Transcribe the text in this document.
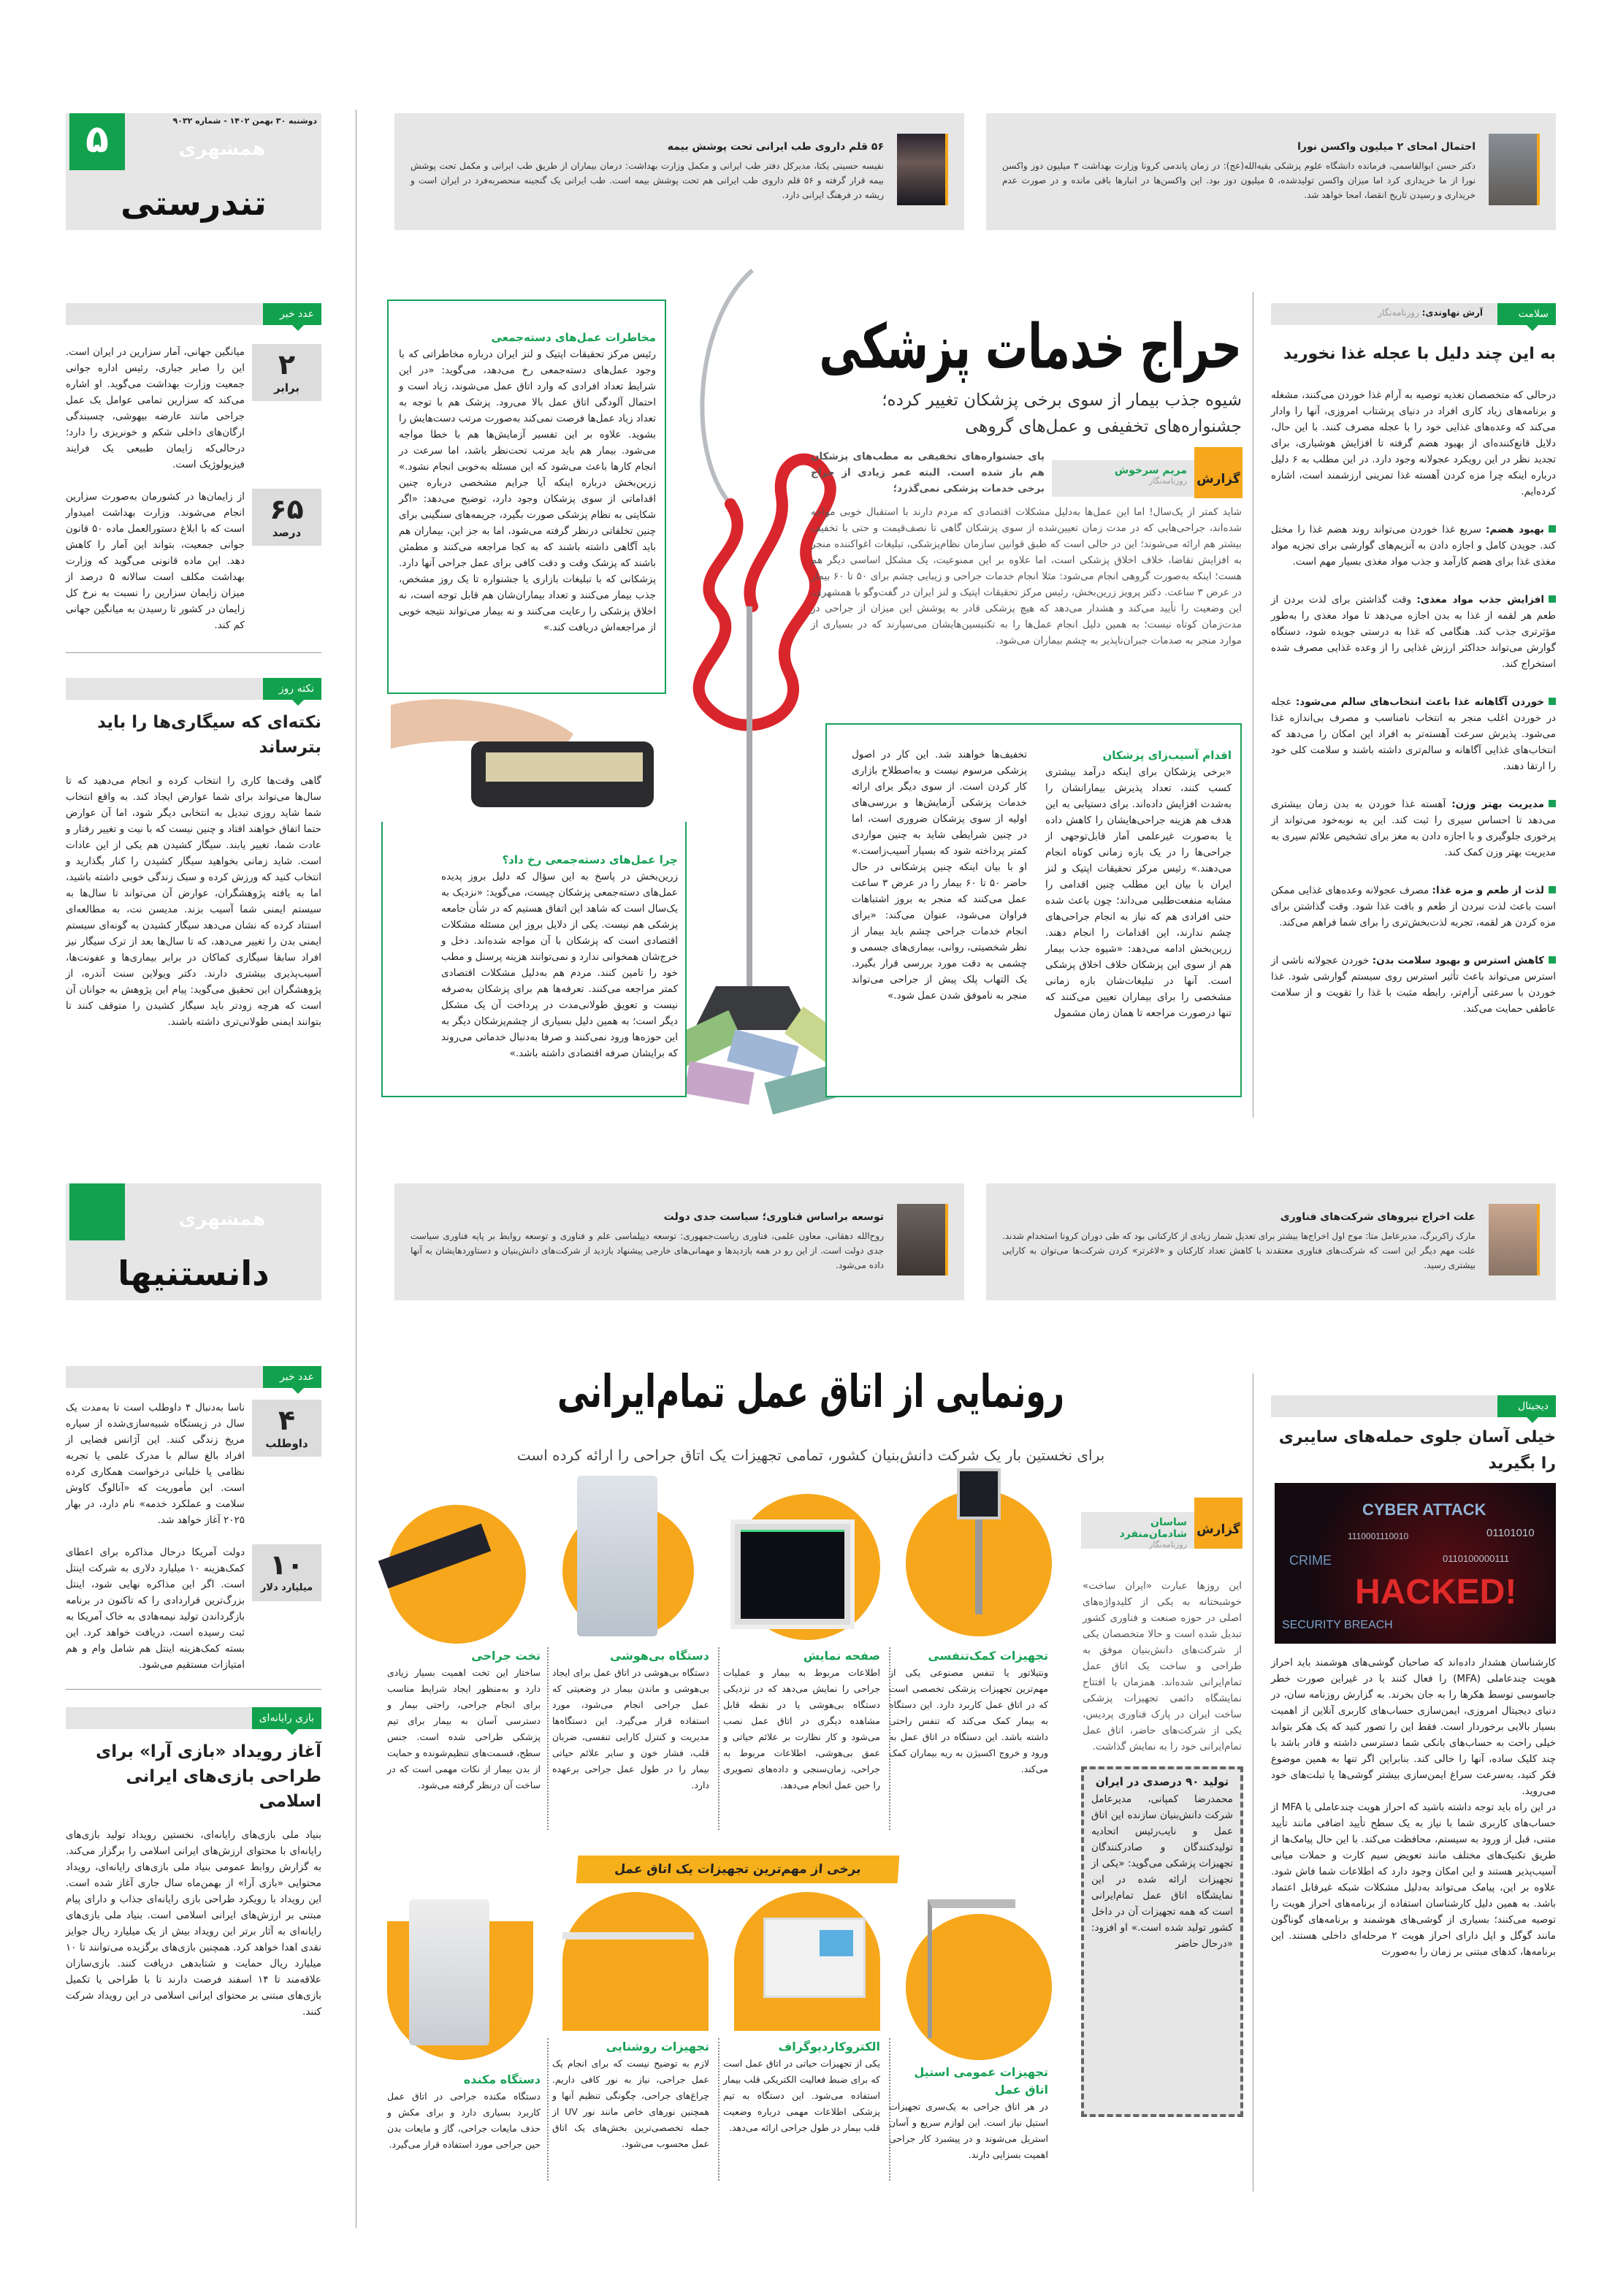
۵	دوشنبه ۳۰ بهمن ۱۴۰۲ - شماره ۹۰۳۲
همشهری
تندرستی
۵۶ قلم داروی طب ایرانی تحت پوشش بیمه
نفیسه حسینی یکتا، مدیرکل دفتر طب ایرانی و مکمل وزارت بهداشت: درمان بیماران از طریق طب ایرانی و مکمل تحت پوشش بیمه قرار گرفته و ۵۶ قلم داروی طب ایرانی هم تحت پوشش بیمه است. طب ایرانی یک گنجینه منحصربه‌فرد در ایران است و ریشه در فرهنگ ایرانی دارد.
احتمال امحای ۲ میلیون واکسن نورا
دکتر حسن ابوالقاسمی، فرمانده دانشگاه علوم پزشکی بقیه‌الله(عج): در زمان پاندمی کرونا وزارت بهداشت ۳ میلیون دوز واکسن نورا از ما خریداری کرد اما میزان واکسن تولیدشده، ۵ میلیون دوز بود. این واکسن‌ها در انبارها باقی مانده و در صورت عدم خریداری و رسیدن تاریخ انقضا، امحا خواهد شد.
عدد خبر
۲
برابر
میانگین جهانی، آمار سزارین در ایران است. این را صابر جباری، رئیس اداره جوانی جمعیت وزارت بهداشت می‌گوید. او اشاره می‌کند که سزارین تمامی عوامل یک عمل جراحی مانند عارضه بیهوشی، چسبندگی ارگان‌های داخلی شکم و خونریزی را دارد؛ درحالی‌که زایمان طبیعی یک فرایند فیزیولوژیک است.
۶۵
درصد
از زایمان‌ها در کشورمان به‌صورت سزارین انجام می‌شوند. وزارت بهداشت امیدوار است که با ابلاغ دستورالعمل ماده ۵۰ قانون جوانی جمعیت، بتواند این آمار را کاهش دهد. این ماده قانونی می‌گوید که وزارت بهداشت مکلف است سالانه ۵ درصد از میزان زایمان سزارین را نسبت به نرخ کل زایمان در کشور تا رسیدن به میانگین جهانی کم کند.
نکته روز
نکته‌ای که سیگاری‌ها را باید بترساند
گاهی وقت‌ها کاری را انتخاب کرده و انجام می‌دهید که تا سال‌ها می‌تواند برای شما عوارض ایجاد کند. به واقع انتخاب شما شاید روزی تبدیل به انتخابی دیگر شود، اما آن عوارض حتما اتفاق خواهند افتاد و چنین نیست که با نیت و تغییر رفتار و عادت شما، تغییر یابند. سیگار کشیدن هم یکی از این عادات است. شاید زمانی بخواهید سیگار کشیدن را کنار بگذارید و انتخاب کنید که ورزش کرده و سبک زندگی خوبی داشته باشید، اما به یافته پژوهشگران، عوارض آن می‌تواند تا سال‌ها به سیستم ایمنی شما آسیب بزند. مدیسن نت، به مطالعه‌ای استناد کرده که نشان می‌دهد سیگار کشیدن به گونه‌ای سیستم ایمنی بدن را تغییر می‌دهد، که تا سال‌ها بعد از ترک سیگار نیز افراد سابقا سیگاری کماکان در برابر بیماری‌ها و عفونت‌ها، آسیب‌پذیری بیشتری دارند. دکتر ویولاین سنت آندره، از پژوهشگران این تحقیق می‌گوید: پیام این پژوهش به جوانان آن است که هرچه زودتر باید سیگار کشیدن را متوقف کنند تا بتوانند ایمنی طولانی‌تری داشته باشند.
مخاطرات عمل‌های دسته‌جمعی
رئیس مرکز تحقیقات اپتیک و لنز ایران درباره مخاطراتی که با وجود عمل‌های دسته‌جمعی رخ می‌دهد، می‌گوید: «در این شرایط تعداد افرادی که وارد اتاق عمل می‌شوند، زیاد است و احتمال آلودگی اتاق عمل بالا می‌رود. پزشک هم با توجه به تعداد زیاد عمل‌ها فرصت نمی‌کند به‌صورت مرتب دست‌هایش را بشوید. علاوه بر این تفسیر آزمایش‌ها هم با خطا مواجه می‌شود. بیمار هم باید مرتب تحت‌نظر باشد، اما سرعت در انجام کارها باعث می‌شود که این مسئله به‌خوبی انجام نشود.» زرین‌بخش درباره اینکه آیا جرایم مشخصی درباره چنین اقداماتی از سوی پزشکان وجود دارد، توضیح می‌دهد: «اگر شکایتی به نظام پزشکی صورت بگیرد، جریمه‌های سنگینی برای چنین تخلفاتی درنظر گرفته می‌شود، اما به جز این، بیماران هم باید آگاهی داشته باشند که به کجا مراجعه می‌کنند و مطمئن باشند که پزشک وقت و دقت کافی برای عمل جراحی آنها دارد. پزشکانی که با تبلیغات بازاری یا جشنواره تا یک روز مشخص، جذب بیمار می‌کنند و تعداد بیماران‌شان هم قابل توجه است، نه اخلاق پزشکی را رعایت می‌کنند و نه بیمار می‌تواند نتیجه خوبی از مراجعه‌اش دریافت کند.»
حراج خدمات پزشکی
شیوه جذب بیمار از سوی برخی پزشکان تغییر کرده؛
جشنواره‌های تخفیفی و عمل‌های گروهی
گزارش
مریم سرخوش
روزنامه‌نگار
پای جشنواره‌های تخفیفی به مطب‌های پزشکان هم باز شده است. البته عمر زیادی از حراج برخی خدمات پزشکی نمی‌گذرد؛
شاید کمتر از یک‌سال! اما این عمل‌ها به‌دلیل مشکلات اقتصادی که مردم دارند با استقبال خوبی مواجه شده‌اند، جراحی‌هایی که در مدت زمان تعیین‌شده از سوی پزشکان گاهی تا نصف‌قیمت و حتی با تخفیف بیشتر هم ارائه می‌شوند؛ این در حالی است که طبق قوانین سازمان نظام‌پزشکی، تبلیغات اغواکننده منجر به افزایش تقاضا، خلاف اخلاق پزشکی است، اما علاوه بر این ممنوعیت، یک مشکل اساسی دیگر هم هست؛ اینکه به‌صورت گروهی انجام می‌شود: مثلا انجام خدمات جراحی و زیبایی چشم برای ۵۰ تا ۶۰ بیمار در عرض ۳ ساعت. دکتر پرویز زرین‌بخش، رئیس مرکز تحقیقات اپتیک و لنز ایران در گفت‌وگو با همشهری، این وضعیت را تأیید می‌کند و هشدار می‌دهد که هیچ پزشکی قادر به پوشش این میزان از جراحی در مدت‌زمان کوتاه نیست؛ به همین دلیل انجام عمل‌ها را به تکنیسین‌هایشان می‌سپارند که در بسیاری از موارد منجر به صدمات جبران‌ناپذیر به چشم بیماران می‌شود.
اقدام آسیب‌زای پزشکان
«برخی پزشکان برای اینکه درآمد بیشتری کسب کنند، تعداد پذیرش بیمارانشان را به‌شدت افزایش داده‌اند. برای دستیابی به این هدف هم هزینه جراحی‌هایشان را کاهش داده یا به‌صورت غیرعلمی آمار قابل‌توجهی از جراحی‌ها را در یک بازه زمانی کوتاه انجام می‌دهند.» رئیس مرکز تحقیقات اپتیک و لنز ایران با بیان این مطلب چنین اقدامی را مشابه منفعت‌طلبی می‌داند؛ چون باعث شده حتی افرادی هم که نیاز به انجام جراحی‌های چشم ندارند، این اقدامات را انجام دهند. زرین‌بخش ادامه می‌دهد: «شیوه جذب بیمار هم از سوی این پزشکان خلاف اخلاق پزشکی است. آنها در تبلیغات‌شان بازه زمانی مشخصی را برای بیماران تعیین می‌کنند که تنها درصورت مراجعه تا همان زمان مشمول
تخفیف‌ها خواهند شد. این کار در اصول پزشکی مرسوم نیست و به‌اصطلاح بازاری کار کردن است. از سوی دیگر برای ارائه خدمات پزشکی آزمایش‌ها و بررسی‌های اولیه از سوی پزشکان ضروری است، اما در چنین شرایطی شاید به چنین مواردی کمتر پرداخته شود که بسیار آسیب‌زاست.» او با بیان اینکه چنین پزشکانی در حال حاضر ۵۰ تا ۶۰ بیمار را در عرض ۳ ساعت عمل می‌کنند که منجر به بروز اشتباهات فراوان می‌شود، عنوان می‌کند: «برای انجام خدمات جراحی چشم باید بیمار از نظر شخصیتی، روانی، بیماری‌های جسمی و چشمی به دقت مورد بررسی قرار بگیرد. یک التهاب پلک پیش از جراحی می‌تواند منجر به ناموفق شدن عمل شود.»
چرا عمل‌های دسته‌جمعی رخ داد؟
زرین‌بخش در پاسخ به این سؤال که دلیل بروز پدیده عمل‌های دسته‌جمعی پزشکان چیست، می‌گوید: «نزدیک به یک‌سال است که شاهد این اتفاق هستیم که در شأن جامعه پزشکی هم نیست. یکی از دلایل بروز این مسئله مشکلات اقتصادی است که پزشکان با آن مواجه شده‌اند. دخل و خرج‌شان همخوانی ندارد و نمی‌توانند هزینه پرسنل و مطب خود را تامین کنند. مردم هم به‌دلیل مشکلات اقتصادی کمتر مراجعه می‌کنند. تعرفه‌ها هم برای پزشکان به‌صرفه نیست و تعویق طولانی‌مدت در پرداخت آن یک مشکل دیگر است؛ به همین دلیل بسیاری از چشم‌پزشکان دیگر به این حوزه‌ها ورود نمی‌کنند و صرفا به‌دنبال خدماتی می‌روند که برایشان صرفه اقتصادی داشته باشد.»
سلامت
آرش نهاوندی: روزنامه‌نگار
به این چند دلیل با عجله غذا نخورید
درحالی که متخصصان تغذیه توصیه به آرام غذا خوردن می‌کنند، مشغله و برنامه‌های زیاد کاری افراد در دنیای پرشتاب امروزی، آنها را وادار می‌کند که وعده‌های غذایی خود را با عجله مصرف کنند. با این حال، دلایل قانع‌کننده‌ای از بهبود هضم گرفته تا افزایش هوشیاری، برای تجدید نظر در این رویکرد عجولانه وجود دارد. در این مطلب به ۶ دلیل درباره اینکه چرا مزه کردن آهسته غذا تمرینی ارزشمند است، اشاره کرده‌ایم.
بهبود هضم: سریع غذا خوردن می‌تواند روند هضم غذا را مختل کند. جویدن کامل و اجازه دادن به آنزیم‌های گوارشی برای تجزیه مواد مغذی غذا برای هضم کارآمد و جذب مواد مغذی بسیار مهم است.
افزایش جذب مواد مغذی: وقت گذاشتن برای لذت بردن از طعم هر لقمه از غذا به بدن اجازه می‌دهد تا مواد مغذی را به‌طور مؤثرتری جذب کند. هنگامی که غذا به درستی جویده شود، دستگاه گوارش می‌تواند حداکثر ارزش غذایی را از وعده غذایی مصرف شده استخراج کند.
خوردن آگاهانه غذا باعث انتخاب‌های سالم می‌شود: عجله در خوردن اغلب منجر به انتخاب نامناسب و مصرف بی‌اندازه غذا می‌شود. پذیرش سرعت آهسته‌تر به افراد این امکان را می‌دهد که انتخاب‌های غذایی آگاهانه و سالم‌تری داشته باشند و سلامت کلی خود را ارتقا دهند.
مدیریت بهتر وزن: آهسته غذا خوردن به بدن زمان بیشتری می‌دهد تا احساس سیری را ثبت کند. این به نوبه‌خود می‌تواند از پرخوری جلوگیری و با اجازه دادن به مغز برای تشخیص علائم سیری به مدیریت بهتر وزن کمک کند.
لذت از طعم و مزه غذا: مصرف عجولانه وعده‌های غذایی ممکن است باعث لذت نبردن از طعم و بافت غذا شود. وقت گذاشتن برای مزه کردن هر لقمه، تجربه لذت‌بخش‌تری را برای شما فراهم می‌کند.
کاهش استرس و بهبود سلامت بدن: خوردن عجولانه ناشی از استرس می‌تواند باعث تأثیر استرس روی سیستم گوارشی شود. غذا خوردن با سرعتی آرام‌تر، رابطه مثبت با غذا را تقویت و از سلامت عاطفی حمایت می‌کند.
همشهری
دانستنیها
توسعه براساس فناوری؛ سیاست جدی دولت
روح‌الله دهقانی، معاون علمی، فناوری ریاست‌جمهوری: توسعه دیپلماسی علم و فناوری و توسعه روابط بر پایه فناوری سیاست جدی دولت است. از این رو در همه بازدیدها و مهمانی‌های خارجی پیشنهاد بازدید از شرکت‌های دانش‌بنیان و دستاوردهایشان به آنها داده می‌شود.
علت اخراج نیروهای شرکت‌های فناوری
مارک زاکربرگ، مدیرعامل متا: موج اول اخراج‌ها بیشتر برای تعدیل شمار زیادی از کارکنانی بود که طی دوران کرونا استخدام شدند. علت مهم دیگر این است که شرکت‌های فناوری معتقدند با کاهش تعداد کارکنان و «لاغرتر» کردن شرکت‌ها می‌توان به کارایی بیشتری رسید.
عدد خبر
۴
داوطلب
ناسا به‌دنبال ۴ داوطلب است تا به‌مدت یک سال در زیستگاه شبیه‌سازی‌شده از سیاره مریخ زندگی کنند. این آژانس فضایی از افراد بالغ سالم با مدرک علمی یا تجربه نظامی یا خلبانی درخواست همکاری کرده است. این مأموریت که «آنالوگ کاوش سلامت و عملکرد خدمه» نام دارد، در بهار ۲۰۲۵ آغاز خواهد شد.
۱۰
میلیارد دلار
دولت آمریکا درحال مذاکره برای اعطای کمک‌هزینه ۱۰ میلیارد دلاری به شرکت اینتل است. اگر این مذاکره نهایی شود، اینتل بزرگ‌ترین قراردادی را که تاکنون در برنامه بازگرداندن تولید نیمه‌هادی به خاک آمریکا به ثبت رسیده است، دریافت خواهد کرد. این بسته کمک‌هزینه اینتل هم شامل وام و هم امتیازات مستقیم می‌شود.
بازی رایانه‌ای
آغاز رویداد «بازی آرا» برای طراحی بازی‌های ایرانی اسلامی
بنیاد ملی بازی‌های رایانه‌ای، نخستین رویداد تولید بازی‌های رایانه‌ای با محتوای ارزش‌های ایرانی اسلامی را برگزار می‌کند. به گزارش روابط عمومی بنیاد ملی بازی‌های رایانه‌ای، رویداد محتوایی «بازی آرا» از بهمن‌ماه سال جاری آغاز شده است. این رویداد با رویکرد طراحی بازی رایانه‌ای جذاب و دارای پیام مبتنی بر ارزش‌های ایرانی اسلامی است. بنیاد ملی بازی‌های رایانه‌ای به آثار برتر این رویداد بیش از یک میلیارد ریال جوایز نقدی اهدا خواهد کرد. همچنین بازی‌های برگزیده می‌توانند تا ۱۰ میلیارد ریال حمایت و شتابدهی دریافت کنند. بازی‌سازان علاقه‌مند تا ۱۴ اسفند فرصت دارند تا با طراحی یا تکمیل بازی‌های مبتنی بر محتوای ایرانی اسلامی در این رویداد شرکت کنند.
رونمایی از اتاق عمل تمام‌ایرانی
برای نخستین بار یک شرکت دانش‌بنیان کشور، تمامی تجهیزات یک اتاق جراحی را ارائه کرده است
گزارش
ساسان شادمان‌منفرد
روزنامه‌نگار
این روزها عبارت «ایران ساخت» خوشبختانه به یکی از کلیدواژه‌های اصلی در حوزه صنعت و فناوری کشور تبدیل شده است و حالا متخصصان یکی از شرکت‌های دانش‌بنیان موفق به طراحی و ساخت یک اتاق عمل تمام‌ایرانی شده‌اند. همزمان با افتتاح نمایشگاه دائمی تجهیزات پزشکی ساخت ایران در پارک فناوری پردیس، یکی از شرکت‌های حاضر، اتاق عمل تمام‌ایرانی خود را به نمایش گذاشت.
تولید ۹۰ درصدی در ایران
محمدرضا کمپانی، مدیرعامل شرکت دانش‌بنیان سازنده این اتاق عمل و نایب‌رئیس اتحادیه تولیدکنندگان و صادرکنندگان تجهیزات پزشکی می‌گوید: «یکی از تجهیزات ارائه شده در این نمایشگاه اتاق عمل تمام‌ایرانی است که همه تجهیزات آن در داخل کشور تولید شده است.» او افزود: «درحال حاضر
تجهیزات کمک‌تنفسی

ونتیلاتور یا تنفس مصنوعی یکی از مهم‌ترین تجهیزات پزشکی تخصصی است که در اتاق عمل کاربرد دارد. این دستگاه به بیمار کمک می‌کند که تنفس راحتی داشته باشد. این دستگاه در اتاق عمل به ورود و خروج اکسیژن به ریه بیماران کمک می‌کند.

صفحه نمایش

اطلاعات مربوط به بیمار و عملیات جراحی را نمایش می‌دهد که در نزدیکی دستگاه بی‌هوشی یا در نقطه قابل مشاهده دیگری در اتاق عمل نصب می‌شود و کار نظارت بر علائم حیاتی و عمق بی‌هوشی، اطلاعات مربوط به جراحی، زمان‌سنجی و داده‌های تصویری را حین عمل انجام می‌دهد.

دستگاه بی‌هوشی

دستگاه بی‌هوشی در اتاق عمل برای ایجاد بی‌هوشی و ماندن بیمار در وضعیتی که عمل جراحی انجام می‌شود، مورد استفاده قرار می‌گیرد. این دستگاه‌ها مدیریت و کنترل کارایی تنفسی، ضربان قلب، فشار خون و سایر علائم حیاتی بیمار را در طول عمل جراحی برعهده دارد.

تخت جراحی

ساختار این تخت اهمیت بسیار زیادی دارد و به‌منظور ایجاد شرایط مناسب برای انجام جراحی، راحتی بیمار و دسترسی آسان به بیمار برای تیم پزشکی طراحی شده است. جنس سطح، قسمت‌های تنظیم‌شونده و حمایت از بدن بیمار از نکات مهمی است که در ساخت آن درنظر گرفته می‌شود.

برخی از مهم‌ترین تجهیزات یک اتاق عمل
تجهیزات عمومی استیل اتاق عمل

در هر اتاق جراحی به یک‌سری تجهیزات استیل نیاز است. این لوازم سریع و آسان استریل می‌شوند و در پیشبرد کار جراحی اهمیت بسزایی دارند.

الکتروکاردیوگراف

یکی از تجهیزات حیاتی در اتاق عمل است که برای ضبط فعالیت الکتریکی قلب بیمار استفاده می‌شود. این دستگاه به تیم پزشکی اطلاعات مهمی درباره وضعیت قلب بیمار در طول جراحی ارائه می‌دهد.

تجهیزات روشنایی

لازم به توضیح نیست که برای انجام یک عمل جراحی، نیاز به نور کافی داریم. چراغ‌های جراحی، چگونگی تنظیم آنها و همچنین نورهای خاص مانند نور UV از جمله تخصصی‌ترین بخش‌های یک اتاق عمل محسوب می‌شود.

دستگاه مکنده

دستگاه مکنده جراحی در اتاق عمل کاربرد بسیاری دارد و برای مکش و حذف مایعات جراحی، گاز و مایعات بدن حین جراحی مورد استفاده قرار می‌گیرد.

دیجیتال
خیلی آسان جلوی حمله‌های سایبری را بگیرید
CYBER ATTACK
CRIME
HACKED!
SECURITY BREACH
01101010
0110100000111
1110001110010
کارشناسان هشدار داده‌اند که صاحبان گوشی‌های هوشمند باید احراز هویت چندعاملی (MFA) را فعال کنند یا در غیراین صورت خطر جاسوسی توسط هکرها را به جان بخرند. به گزارش روزنامه سان، در دنیای دیجیتال امروزی، ایمن‌سازی حساب‌های کاربری آنلاین از اهمیت بسیار بالایی برخوردار است. فقط این را تصور کنید که یک هکر بتواند خیلی راحت به حساب‌های بانکی شما دسترسی داشته و قادر باشد با چند کلیک ساده، آنها را خالی کند. بنابراین اگر تنها به همین موضوع فکر کنید، به‌سرعت سراغ ایمن‌سازی بیشتر گوشی‌ها یا تبلت‌های خود می‌روید.
در این راه باید توجه داشته باشید که احراز هویت چندعاملی یا MFA از حساب‌های کاربری شما با نیاز به یک سطح تأیید اضافی مانند تأیید متنی، قبل از ورود به سیستم، محافظت می‌کند. با این حال پیامک‌ها از طریق تکنیک‌های مختلف مانند تعویض سیم کارت و حملات میانی آسیب‌پذیر هستند و این امکان وجود دارد که اطلاعات شما فاش شود. علاوه بر این، پیامک می‌تواند به‌دلیل مشکلات شبکه غیرقابل اعتماد باشد. به همین دلیل کارشناسان استفاده از برنامه‌های احراز هویت را توصیه می‌کنند؛ بسیاری از گوشی‌های هوشمند و برنامه‌های گوناگون مانند گوگل و اپل دارای احراز هویت ۲ مرحله‌ای داخلی هستند. این برنامه‌ها، کدهای مبتنی بر زمان را به‌صورت
